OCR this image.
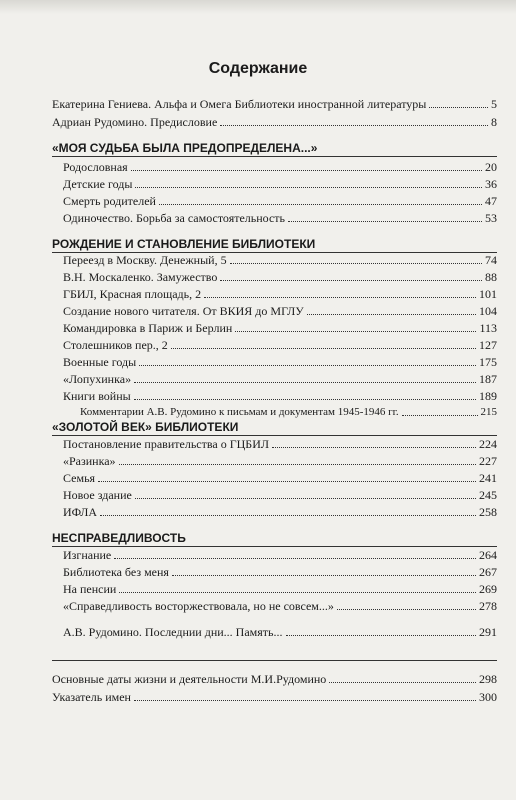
Содержание
Екатерина Гениева. Альфа и Омега Библиотеки иностранной литературы	5
Адриан Рудомино. Предисловие	8
«МОЯ СУДЬБА БЫЛА ПРЕДОПРЕДЕЛЕНА...»
Родословная	20
Детские годы	36
Смерть родителей	47
Одиночество. Борьба за самостоятельность	53
РОЖДЕНИЕ И СТАНОВЛЕНИЕ БИБЛИОТЕКИ
Переезд в Москву. Денежный, 5	74
В.Н. Москаленко. Замужество	88
ГБИЛ, Красная площадь, 2	101
Создание нового читателя. От ВКИЯ до МГЛУ	104
Командировка в Париж и Берлин	113
Столешников пер., 2	127
Военные годы	175
«Лопухинка»	187
Книги войны	189
Комментарии А.В. Рудомино к письмам и документам 1945-1946 гг.	215
«ЗОЛОТОЙ ВЕК» БИБЛИОТЕКИ
Постановление правительства о ГЦБИЛ	224
«Разинка»	227
Семья	241
Новое здание	245
ИФЛА	258
НЕСПРАВЕДЛИВОСТЬ
Изгнание	264
Библиотека без меня	267
На пенсии	269
«Справедливость восторжествовала, но не совсем...»	278
А.В. Рудомино. Последнии дни... Память...	291
Основные даты жизни и деятельности М.И.Рудомино	298
Указатель имен	300
